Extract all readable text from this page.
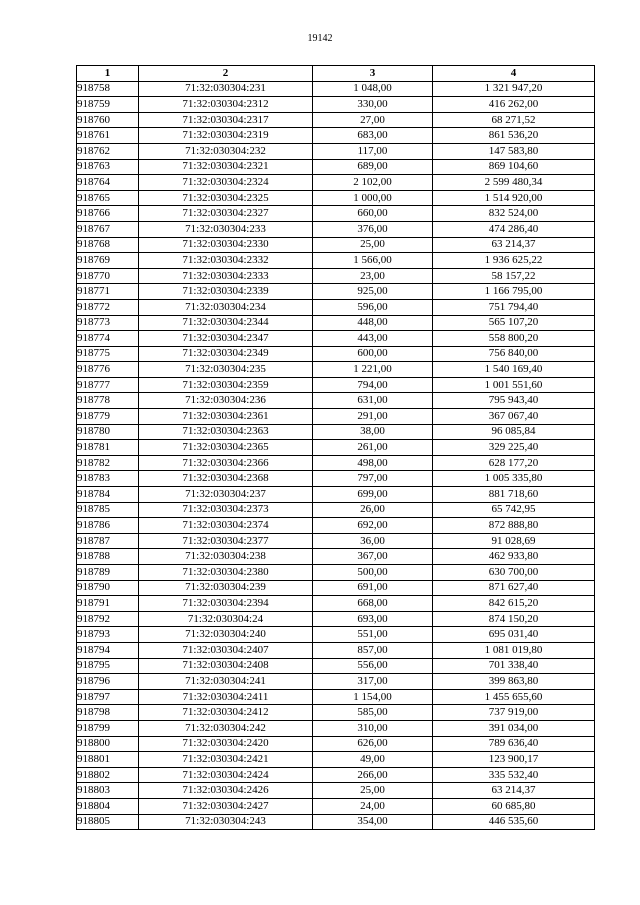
19142
1	2	3	4
918758	71:32:030304:231	1 048,00	1 321 947,20
918759	71:32:030304:2312	330,00	416 262,00
918760	71:32:030304:2317	27,00	68 271,52
918761	71:32:030304:2319	683,00	861 536,20
918762	71:32:030304:232	117,00	147 583,80
918763	71:32:030304:2321	689,00	869 104,60
918764	71:32:030304:2324	2 102,00	2 599 480,34
918765	71:32:030304:2325	1 000,00	1 514 920,00
918766	71:32:030304:2327	660,00	832 524,00
918767	71:32:030304:233	376,00	474 286,40
918768	71:32:030304:2330	25,00	63 214,37
918769	71:32:030304:2332	1 566,00	1 936 625,22
918770	71:32:030304:2333	23,00	58 157,22
918771	71:32:030304:2339	925,00	1 166 795,00
918772	71:32:030304:234	596,00	751 794,40
918773	71:32:030304:2344	448,00	565 107,20
918774	71:32:030304:2347	443,00	558 800,20
918775	71:32:030304:2349	600,00	756 840,00
918776	71:32:030304:235	1 221,00	1 540 169,40
918777	71:32:030304:2359	794,00	1 001 551,60
918778	71:32:030304:236	631,00	795 943,40
918779	71:32:030304:2361	291,00	367 067,40
918780	71:32:030304:2363	38,00	96 085,84
918781	71:32:030304:2365	261,00	329 225,40
918782	71:32:030304:2366	498,00	628 177,20
918783	71:32:030304:2368	797,00	1 005 335,80
918784	71:32:030304:237	699,00	881 718,60
918785	71:32:030304:2373	26,00	65 742,95
918786	71:32:030304:2374	692,00	872 888,80
918787	71:32:030304:2377	36,00	91 028,69
918788	71:32:030304:238	367,00	462 933,80
918789	71:32:030304:2380	500,00	630 700,00
918790	71:32:030304:239	691,00	871 627,40
918791	71:32:030304:2394	668,00	842 615,20
918792	71:32:030304:24	693,00	874 150,20
918793	71:32:030304:240	551,00	695 031,40
918794	71:32:030304:2407	857,00	1 081 019,80
918795	71:32:030304:2408	556,00	701 338,40
918796	71:32:030304:241	317,00	399 863,80
918797	71:32:030304:2411	1 154,00	1 455 655,60
918798	71:32:030304:2412	585,00	737 919,00
918799	71:32:030304:242	310,00	391 034,00
918800	71:32:030304:2420	626,00	789 636,40
918801	71:32:030304:2421	49,00	123 900,17
918802	71:32:030304:2424	266,00	335 532,40
918803	71:32:030304:2426	25,00	63 214,37
918804	71:32:030304:2427	24,00	60 685,80
918805	71:32:030304:243	354,00	446 535,60
